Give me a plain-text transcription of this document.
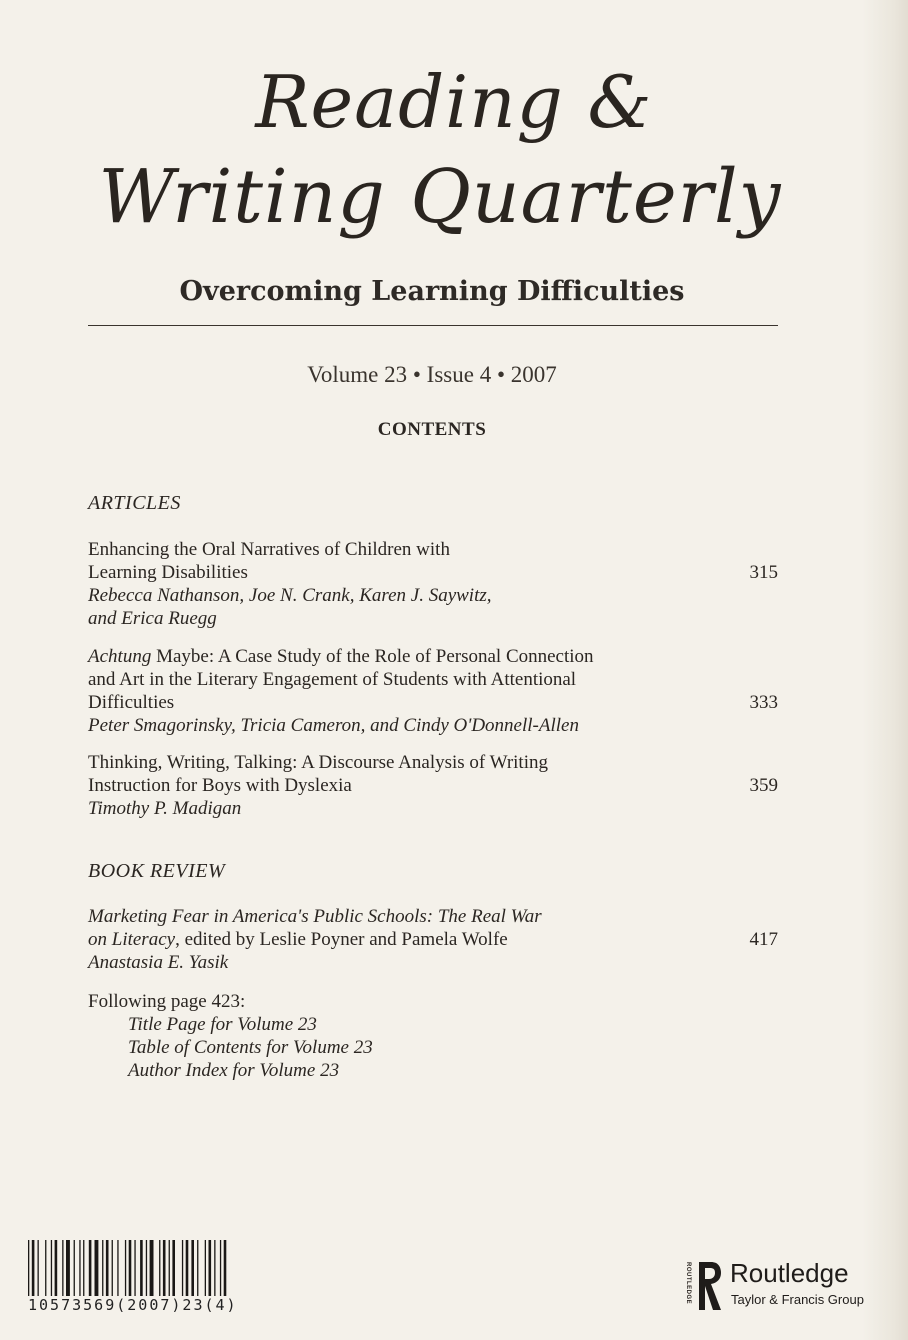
Reading &
Writing Quarterly
Overcoming Learning Difficulties
Volume 23 • Issue 4 • 2007
CONTENTS
ARTICLES
Enhancing the Oral Narratives of Children with
Learning Disabilities
Rebecca Nathanson, Joe N. Crank, Karen J. Saywitz,
and Erica Ruegg
315
Achtung Maybe: A Case Study of the Role of Personal Connection
and Art in the Literary Engagement of Students with Attentional
Difficulties
Peter Smagorinsky, Tricia Cameron, and Cindy O'Donnell-Allen
333
Thinking, Writing, Talking: A Discourse Analysis of Writing
Instruction for Boys with Dyslexia
Timothy P. Madigan
359
BOOK REVIEW
Marketing Fear in America's Public Schools: The Real War
on Literacy, edited by Leslie Poyner and Pamela Wolfe
Anastasia E. Yasik
417
Following page 423:
Title Page for Volume 23
Table of Contents for Volume 23
Author Index for Volume 23
10573569(2007)23(4)
ROUTLEDGE Routledge
Taylor & Francis Group
